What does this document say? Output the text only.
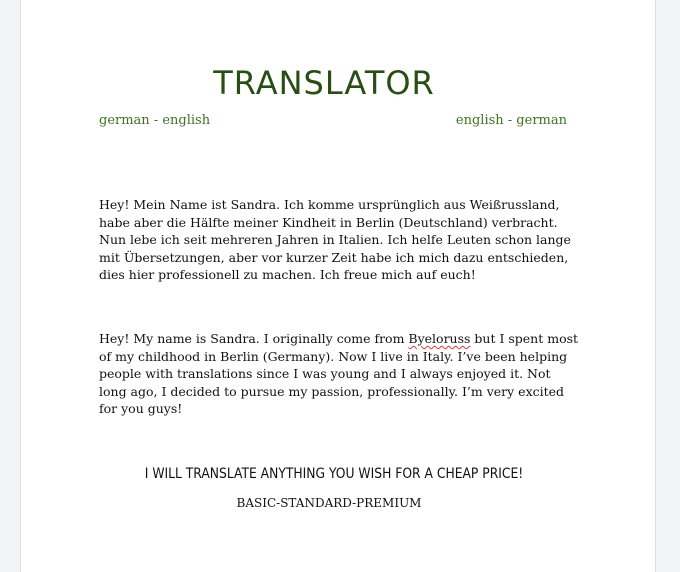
TRANSLATOR
german - english	english - german

Hey! Mein Name ist Sandra. Ich komme ursprünglich aus Weißrussland, habe aber die Hälfte meiner Kindheit in Berlin (Deutschland) verbracht. Nun lebe ich seit mehreren Jahren in Italien. Ich helfe Leuten schon lange mit Übersetzungen, aber vor kurzer Zeit habe ich mich dazu entschieden, dies hier professionell zu machen. Ich freue mich auf euch!

Hey! My name is Sandra. I originally come from Byeloruss but I spent most of my childhood in Berlin (Germany). Now I live in Italy. I’ve been helping people with translations since I was young and I always enjoyed it. Not long ago, I decided to pursue my passion, professionally. I’m very excited for you guys!

I WILL TRANSLATE ANYTHING YOU WISH FOR A CHEAP PRICE!

BASIC-STANDARD-PREMIUM
